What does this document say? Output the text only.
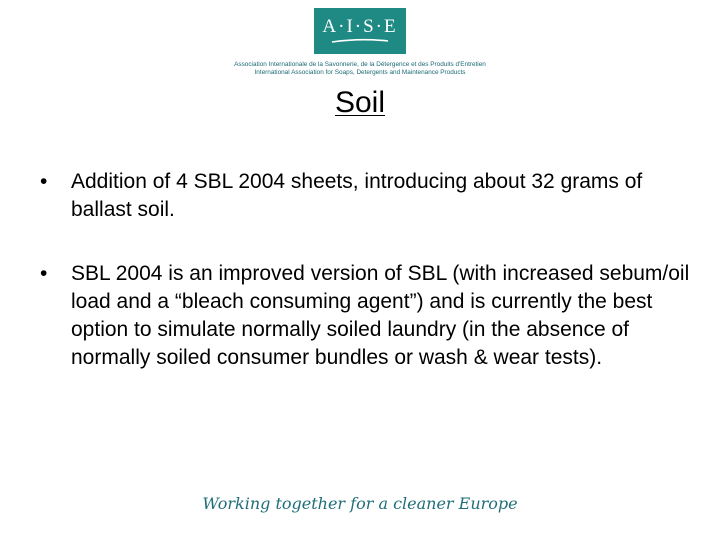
A·I·S·E
Association Internationale de la Savonnerie, de la Détergence et des Produits d'Entretien
International Association for Soaps, Detergents and Maintenance Products
Soil
• Addition of 4 SBL 2004 sheets, introducing about 32 grams of ballast soil.
• SBL 2004 is an improved version of SBL (with increased sebum/oil load and a “bleach consuming agent”) and is currently the best option to simulate normally soiled laundry (in the absence of normally soiled consumer bundles or wash & wear tests).
Working together for a cleaner Europe
